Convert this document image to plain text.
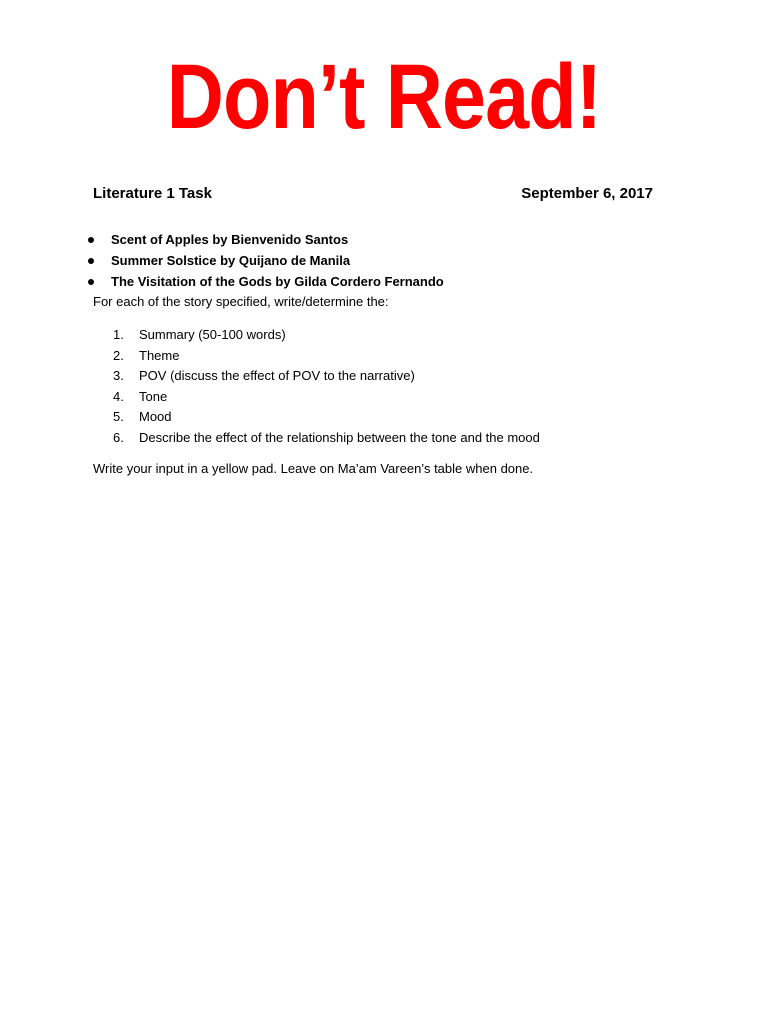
Don’t Read!
Literature 1 Task	September 6, 2017
Scent of Apples by Bienvenido Santos
Summer Solstice by Quijano de Manila
The Visitation of the Gods by Gilda Cordero Fernando
For each of the story specified, write/determine the:
1. Summary (50-100 words)
2. Theme
3. POV (discuss the effect of POV to the narrative)
4. Tone
5. Mood
6. Describe the effect of the relationship between the tone and the mood
Write your input in a yellow pad. Leave on Ma’am Vareen’s table when done.
